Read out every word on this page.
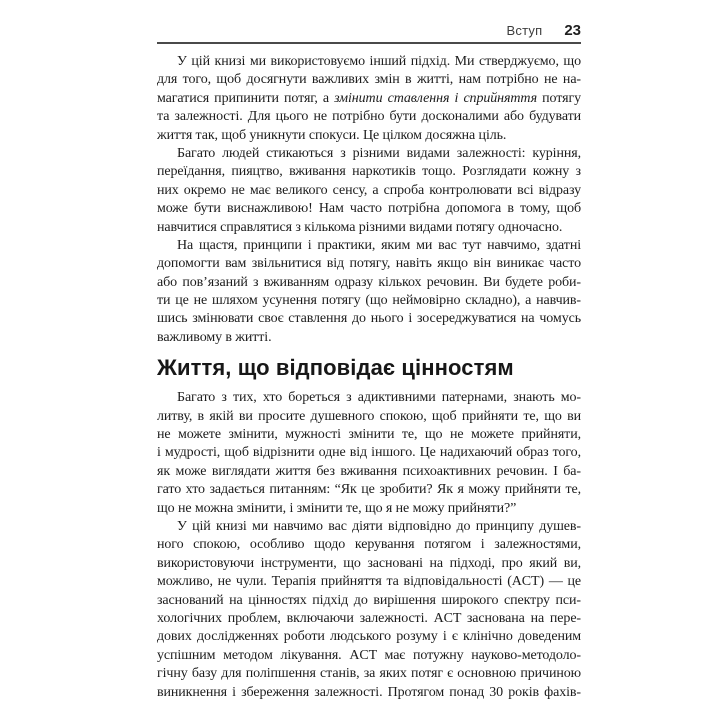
Вступ 23
У цій книзі ми використовуємо інший підхід. Ми стверджуємо, що
для того, щоб досягнути важливих змін в житті, нам потрібно не на-
магатися припинити потяг, а змінити ставлення і сприйняття потягу
та залежності. Для цього не потрібно бути досконалими або будувати
життя так, щоб уникнути спокуси. Це цілком досяжна ціль.
Багато людей стикаються з різними видами залежності: куріння,
переїдання, пияцтво, вживання наркотиків тощо. Розглядати кожну з
них окремо не має великого сенсу, а спроба контролювати всі відразу
може бути виснажливою! Нам часто потрібна допомога в тому, щоб
навчитися справлятися з кількома різними видами потягу одночасно.
На щастя, принципи і практики, яким ми вас тут навчимо, здатні
допомогти вам звільнитися від потягу, навіть якщо він виникає часто
або пов’язаний з вживанням одразу кількох речовин. Ви будете роби-
ти це не шляхом усунення потягу (що неймовірно складно), а навчив-
шись змінювати своє ставлення до нього і зосереджуватися на чомусь
важливому в житті.
Життя, що відповідає цінностям
Багато з тих, хто бореться з адиктивними патернами, знають мо-
литву, в якій ви просите душевного спокою, щоб прийняти те, що ви
не можете змінити, мужності змінити те, що не можете прийняти,
і мудрості, щоб відрізнити одне від іншого. Це надихаючий образ того,
як може виглядати життя без вживання психоактивних речовин. І ба-
гато хто задається питанням: “Як це зробити? Як я можу прийняти те,
що не можна змінити, і змінити те, що я не можу прийняти?”
У цій книзі ми навчимо вас діяти відповідно до принципу душев-
ного спокою, особливо щодо керування потягом і залежностями,
використовуючи інструменти, що засновані на підході, про який ви,
можливо, не чули. Терапія прийняття та відповідальності (ACT) — це
заснований на цінностях підхід до вирішення широкого спектру пси-
хологічних проблем, включаючи залежності. ACT заснована на пере-
дових дослідженнях роботи людського розуму і є клінічно доведеним
успішним методом лікування. ACT має потужну науково-методоло-
гічну базу для поліпшення станів, за яких потяг є основною причиною
виникнення і збереження залежності. Протягом понад 30 років фахів-
